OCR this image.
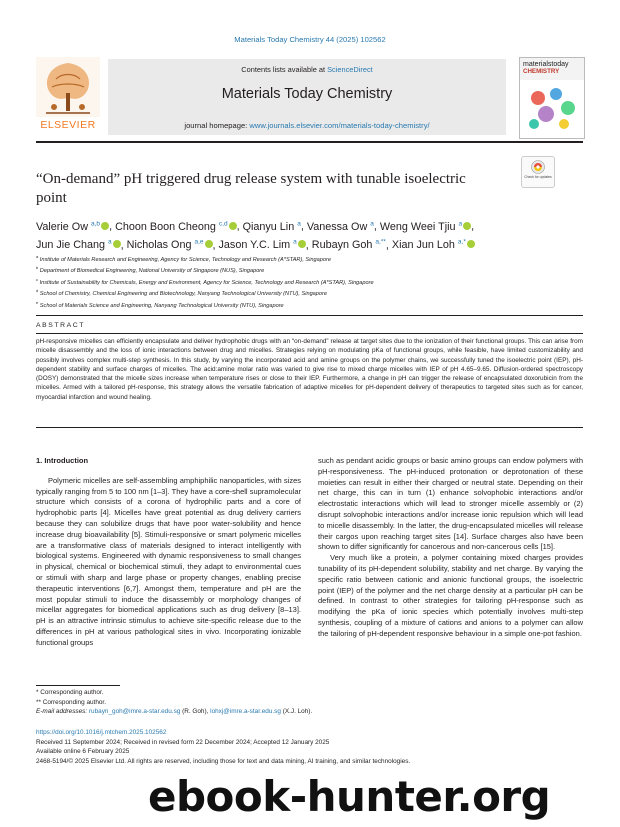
Materials Today Chemistry 44 (2025) 102562
ELSEVIER
Contents lists available at ScienceDirect
Materials Today Chemistry
journal homepage: www.journals.elsevier.com/materials-today-chemistry/
materialstoday
CHEMISTRY
“On-demand” pH triggered drug release system with tunable isoelectric point
Check for updates
Valerie Ow $^{a,b}$ , Choon Boon Cheong $^{c,d}$ , Qianyu Lin $^a$, Vanessa Ow $^a$, Weng Weei Tjiu $^a$ ,
Jun Jie Chang $^a$ , Nicholas Ong $^{a,e}$ , Jason Y.C. Lim $^a$ , Rubayn Goh $^{a,**}$, Xian Jun Loh $^{a,*}$
$^a$ Institute of Materials Research and Engineering, Agency for Science, Technology and Research (A*STAR), Singapore
$^b$ Department of Biomedical Engineering, National University of Singapore (NUS), Singapore
$^c$ Institute of Sustainability for Chemicals, Energy and Environment, Agency for Science, Technology and Research (A*STAR), Singapore
$^d$ School of Chemistry, Chemical Engineering and Biotechnology, Nanyang Technological University (NTU), Singapore
$^e$ School of Materials Science and Engineering, Nanyang Technological University (NTU), Singapore
ABSTRACT
pH-responsive micelles can efficiently encapsulate and deliver hydrophobic drugs with an “on-demand” release at target sites due to the ionization of their functional groups. This can arise from micelle disassembly and the loss of ionic interactions between drug and micelles. Strategies relying on modulating pKa of functional groups, while feasible, have limited customizability and possibly involves complex multi-step synthesis. In this study, by varying the incorporated acid and amine groups on the polymer chains, we successfully tuned the isoelectric point (IEP), pH-dependent stability and surface charges of micelles. The acid:amine molar ratio was varied to give rise to mixed charge micelles with IEP of pH 4.65–9.65. Diffusion-ordered spectroscopy (DOSY) demonstrated that the micelle sizes increase when temperature rises or close to their IEP. Furthermore, a change in pH can trigger the release of encapsulated doxorubicin from the micelles. Armed with a tailored pH-response, this strategy allows the versatile fabrication of adaptive micelles for pH-dependent delivery of therapeutics to targeted sites such as for cancer, myocardial infarction and wound healing.
1. Introduction

Polymeric micelles are self-assembling amphiphilic nanoparticles, with sizes typically ranging from 5 to 100 nm [1–3]. They have a core-shell supramolecular structure which consists of a corona of hydrophilic parts and a core of hydrophobic parts [4]. Micelles have great potential as drug delivery carriers because they can solubilize drugs that have poor water-solubility and hence increase drug bioavailability [5]. Stimuli-responsive or smart polymeric micelles are a transformative class of materials designed to interact intelligently with biological systems. Engineered with dynamic responsiveness to small changes in physical, chemical or biochemical stimuli, they adapt to environmental cues or stimuli with sharp and large phase or property changes, enabling precise therapeutic interventions [6,7]. Amongst them, temperature and pH are the most popular stimuli to induce the disassembly or morphology changes of micellar aggregates for biomedical applications such as drug delivery [8–13]. pH is an attractive intrinsic stimulus to achieve site-specific release due to the differences in pH at various pathological sites in vivo. Incorporating ionizable functional groups

such as pendant acidic groups or basic amino groups can endow polymers with pH-responsiveness. The pH-induced protonation or deprotonation of these moieties can result in either their charged or neutral state. Depending on their net charge, this can in turn (1) enhance solvophobic interactions and/or electrostatic interactions which will lead to stronger micelle assembly or (2) disrupt solvophobic interactions and/or increase ionic repulsion which will lead to micelle disassembly. In the latter, the drug-encapsulated micelles will release their cargos upon reaching target sites [14]. Surface charges also have been shown to differ significantly for cancerous and non-cancerous cells [15].

Very much like a protein, a polymer containing mixed charges provides tunability of its pH-dependent solubility, stability and net charge. By varying the specific ratio between cationic and anionic functional groups, the isoelectric point (IEP) of the polymer and the net charge density at a particular pH can be defined. In contrast to other strategies for tailoring pH-response such as modifying the pKa of ionic species which potentially involves multi-step synthesis, coupling of a mixture of cations and anions to a polymer can allow the tailoring of pH-dependent responsive behaviour in a simple one-pot fashion.

* Corresponding author.
** Corresponding author.
E-mail addresses: rubayn_goh@imre.a-star.edu.sg (R. Goh), lohxj@imre.a-star.edu.sg (X.J. Loh).
https://doi.org/10.1016/j.mtchem.2025.102562
Received 11 September 2024; Received in revised form 22 December 2024; Accepted 12 January 2025
Available online 6 February 2025
2468-5194/© 2025 Elsevier Ltd. All rights are reserved, including those for text and data mining, AI training, and similar technologies.
ebook-hunter.org
